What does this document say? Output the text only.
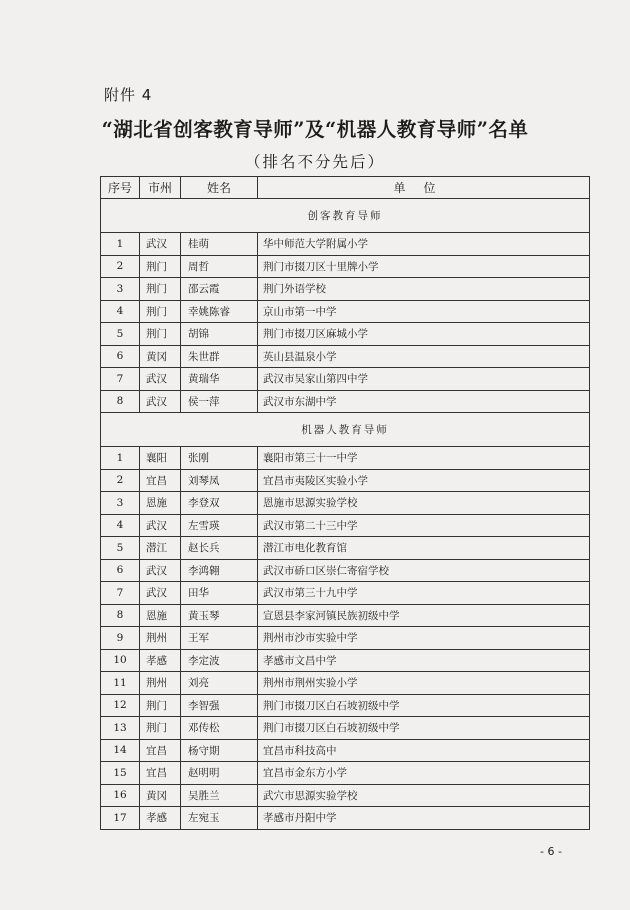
附件 4
“湖北省创客教育导师”及“机器人教育导师”名单
（排名不分先后）
序号	市州	姓名	单位
创客教育导师			
1	武汉	桂萌	华中师范大学附属小学
2	荆门	周哲	荆门市掇刀区十里牌小学
3	荆门	邵云霞	荆门外语学校
4	荆门	幸姚陈睿	京山市第一中学
5	荆门	胡锦	荆门市掇刀区麻城小学
6	黄冈	朱世群	英山县温泉小学
7	武汉	黄瑞华	武汉市吴家山第四中学
8	武汉	侯一萍	武汉市东湖中学
机器人教育导师			
1	襄阳	张刚	襄阳市第三十一中学
2	宜昌	刘琴凤	宜昌市夷陵区实验小学
3	恩施	李登双	恩施市思源实验学校
4	武汉	左雪瑛	武汉市第二十三中学
5	潜江	赵长兵	潜江市电化教育馆
6	武汉	李鸿翱	武汉市硚口区崇仁寄宿学校
7	武汉	田华	武汉市第三十九中学
8	恩施	黄玉琴	宣恩县李家河镇民族初级中学
9	荆州	王军	荆州市沙市实验中学
10	孝感	李定波	孝感市文昌中学
11	荆州	刘亮	荆州市荆州实验小学
12	荆门	李智强	荆门市掇刀区白石坡初级中学
13	荆门	邓传松	荆门市掇刀区白石坡初级中学
14	宜昌	杨守期	宜昌市科技高中
15	宜昌	赵明明	宜昌市金东方小学
16	黄冈	吴胜兰	武穴市思源实验学校
17	孝感	左宛玉	孝感市丹阳中学
- 6 -
